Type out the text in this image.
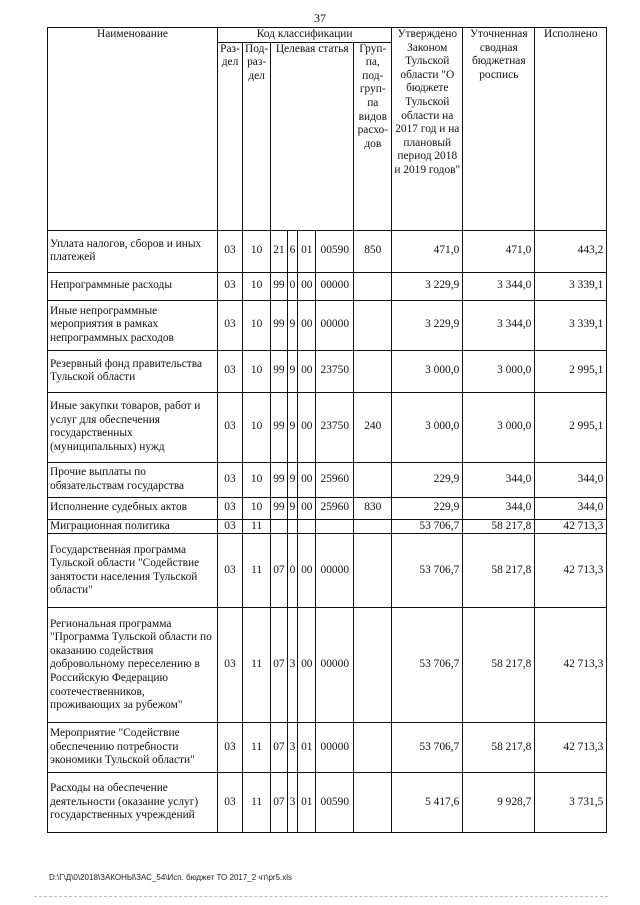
37
Наименование	Код классификации							Утверждено Законом Тульской области "О бюджете Тульской области на 2017 год и на плановый период 2018 и 2019 годов"	Уточненная сводная бюджетная роспись	Исполнено
	Раз-дел	Под-раз-дел	Целевая статья				Груп-па, под-груп-па видов расхо-дов			
Уплата налогов, сборов и иных платежей	03	10	21	6	01	00590	850	471,0	471,0	443,2
Непрограммные расходы	03	10	99	0	00	00000		3 229,9	3 344,0	3 339,1
Иные непрограммные мероприятия в рамках непрограммных расходов	03	10	99	9	00	00000		3 229,9	3 344,0	3 339,1
Резервный фонд правительства Тульской области	03	10	99	9	00	23750		3 000,0	3 000,0	2 995,1
Иные закупки товаров, работ и услуг для обеспечения государственных (муниципальных) нужд	03	10	99	9	00	23750	240	3 000,0	3 000,0	2 995,1
Прочие выплаты по обязательствам государства	03	10	99	9	00	25960		229,9	344,0	344,0
Исполнение судебных актов	03	10	99	9	00	25960	830	229,9	344,0	344,0
Миграционная политика	03	11						53 706,7	58 217,8	42 713,3
Государственная программа Тульской области "Содействие занятости населения Тульской области"	03	11	07	0	00	00000		53 706,7	58 217,8	42 713,3
Региональная программа "Программа Тульской области по оказанию содействия добровольному переселению в Российскую Федерацию соотечественников, проживающих за рубежом"	03	11	07	3	00	00000		53 706,7	58 217,8	42 713,3
Мероприятие "Содействие обеспечению потребности экономики Тульской области"	03	11	07	3	01	00000		53 706,7	58 217,8	42 713,3
Расходы на обеспечение деятельности (оказание услуг) государственных учреждений	03	11	07	3	01	00590		5 417,6	9 928,7	3 731,5
D:\Г\Д\0\2018\ЗАКОНЫ\ЗАС_54\Исп. бюджет ТО 2017_2 чт\pr5.xls
